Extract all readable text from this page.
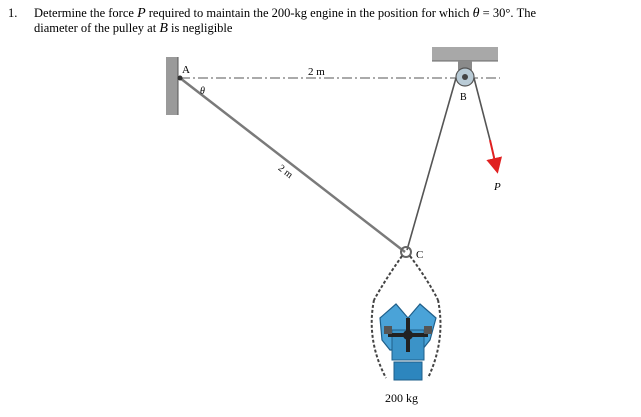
1. Determine the force P required to maintain the 200-kg engine in the position for which θ = 30°. The
diameter of the pulley at B is negligible
A
θ
2 m
2 m
B
C
P
200 kg
